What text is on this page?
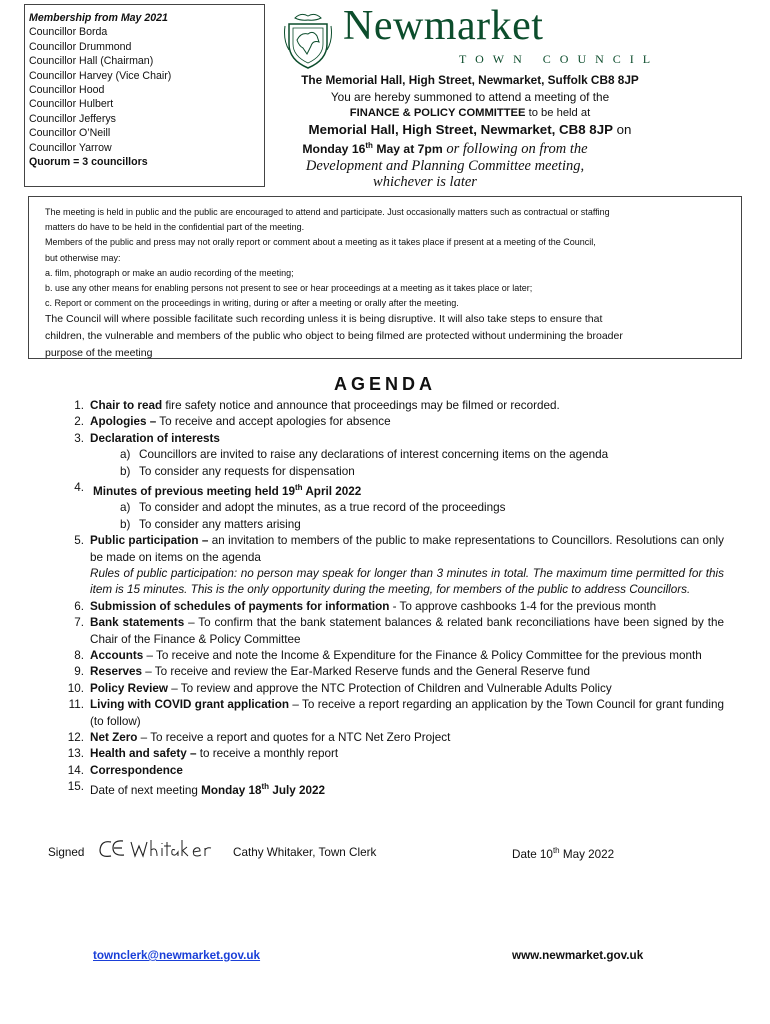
Membership from May 2021
Councillor Borda
Councillor Drummond
Councillor Hall (Chairman)
Councillor Harvey (Vice Chair)
Councillor Hood
Councillor Hulbert
Councillor Jefferys
Councillor O’Neill
Councillor Yarrow
Quorum = 3 councillors
Newmarket
TOWN COUNCIL
The Memorial Hall, High Street, Newmarket, Suffolk CB8 8JP
You are hereby summoned to attend a meeting of the
FINANCE & POLICY COMMITTEE to be held at
Memorial Hall, High Street, Newmarket, CB8 8JP on
Monday 16th May at 7pm or following on from the
Development and Planning Committee meeting,
whichever is later
The meeting is held in public and the public are encouraged to attend and participate. Just occasionally matters such as contractual or staffing
matters do have to be held in the confidential part of the meeting.
Members of the public and press may not orally report or comment about a meeting as it takes place if present at a meeting of the Council,
but otherwise may:
a. film, photograph or make an audio recording of the meeting;
b. use any other means for enabling persons not present to see or hear proceedings at a meeting as it takes place or later;
c. Report or comment on the proceedings in writing, during or after a meeting or orally after the meeting.
The Council will where possible facilitate such recording unless it is being disruptive. It will also take steps to ensure that
children, the vulnerable and members of the public who object to being filmed are protected without undermining the broader
purpose of the meeting
AGENDA
1. Chair to read fire safety notice and announce that proceedings may be filmed or recorded.
2. Apologies – To receive and accept apologies for absence
3. Declaration of interests
a) Councillors are invited to raise any declarations of interest concerning items on the agenda
b) To consider any requests for dispensation
4. Minutes of previous meeting held 19th April 2022
a) To consider and adopt the minutes, as a true record of the proceedings
b) To consider any matters arising
5. Public participation – an invitation to members of the public to make representations to Councillors. Resolutions can only be made on items on the agenda
Rules of public participation: no person may speak for longer than 3 minutes in total. The maximum time permitted for this item is 15 minutes. This is the only opportunity during the meeting, for members of the public to address Councillors.
6. Submission of schedules of payments for information - To approve cashbooks 1-4 for the previous month
7. Bank statements – To confirm that the bank statement balances & related bank reconciliations have been signed by the Chair of the Finance & Policy Committee
8. Accounts – To receive and note the Income & Expenditure for the Finance & Policy Committee for the previous month
9. Reserves – To receive and review the Ear-Marked Reserve funds and the General Reserve fund
10. Policy Review – To review and approve the NTC Protection of Children and Vulnerable Adults Policy
11. Living with COVID grant application – To receive a report regarding an application by the Town Council for grant funding (to follow)
12. Net Zero – To receive a report and quotes for a NTC Net Zero Project
13. Health and safety – to receive a monthly report
14. Correspondence
15. Date of next meeting Monday 18th July 2022
Signed	Cathy Whitaker, Town Clerk	Date 10th May 2022
townclerk@newmarket.gov.uk	www.newmarket.gov.uk
